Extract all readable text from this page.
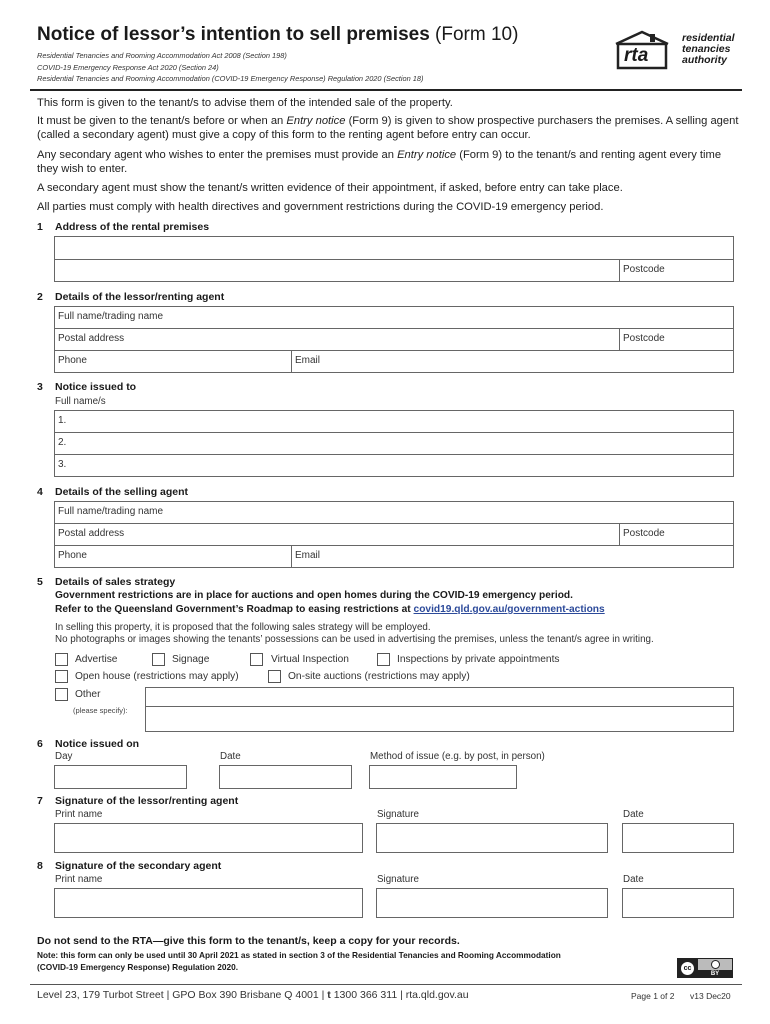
Notice of lessor’s intention to sell premises (Form 10)
Residential Tenancies and Rooming Accommodation Act 2008 (Section 198)
COVID-19 Emergency Response Act 2020 (Section 24)
Residential Tenancies and Rooming Accommodation (COVID-19 Emergency Response) Regulation 2020 (Section 18)
rta
residential
tenancies
authority
This form is given to the tenant/s to advise them of the intended sale of the property.
It must be given to the tenant/s before or when an Entry notice (Form 9) is given to show prospective purchasers the premises. A selling agent (called a secondary agent) must give a copy of this form to the renting agent before entry can occur.
Any secondary agent who wishes to enter the premises must provide an Entry notice (Form 9) to the tenant/s and renting agent every time they wish to enter.
A secondary agent must show the tenant/s written evidence of their appointment, if asked, before entry can take place.
All parties must comply with health directives and government restrictions during the COVID-19 emergency period.
1 Address of the rental premises
Postcode
2 Details of the lessor/renting agent
Full name/trading name
Postal address	Postcode
Phone	Email
3 Notice issued to
Full name/s
1.
2.
3.
4 Details of the selling agent
Full name/trading name
Postal address	Postcode
Phone	Email
5 Details of sales strategy
Government restrictions are in place for auctions and open homes during the COVID-19 emergency period.
Refer to the Queensland Government’s Roadmap to easing restrictions at covid19.qld.gov.au/government-actions
In selling this property, it is proposed that the following sales strategy will be employed.
No photographs or images showing the tenants’ possessions can be used in advertising the premises, unless the tenant/s agree in writing.
Advertise	Signage	Virtual Inspection	Inspections by private appointments
Open house (restrictions may apply)	On-site auctions (restrictions may apply)
Other
(please specify):
6 Notice issued on
Day	Date	Method of issue (e.g. by post, in person)
7 Signature of the lessor/renting agent
Print name	Signature	Date
8 Signature of the secondary agent
Print name	Signature	Date
Do not send to the RTA—give this form to the tenant/s, keep a copy for your records.
Note: this form can only be used until 30 April 2021 as stated in section 3 of the Residential Tenancies and Rooming Accommodation
(COVID-19 Emergency Response) Regulation 2020.	cc
BY
Level 23, 179 Turbot Street | GPO Box 390 Brisbane Q 4001 | t 1300 366 311 | rta.qld.gov.au	Page 1 of 2 v13 Dec20
